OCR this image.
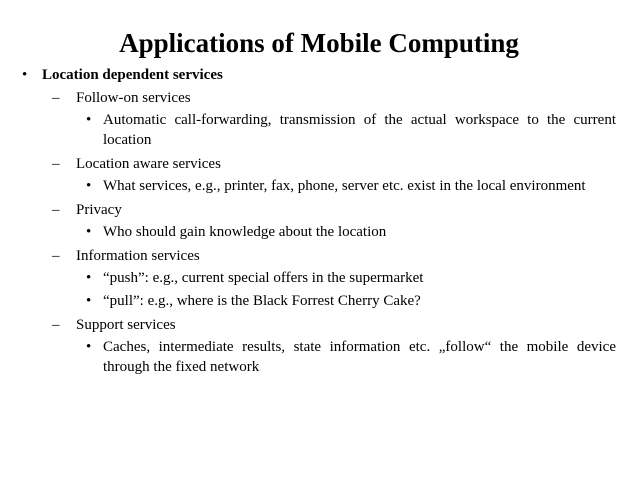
Applications of Mobile Computing
• Location dependent services
– Follow-on services
• Automatic call-forwarding, transmission of the actual workspace to the current location
– Location aware services
• What services, e.g., printer, fax, phone, server etc. exist in the local environment
– Privacy
• Who should gain knowledge about the location
– Information services
• “push”: e.g., current special offers in the supermarket
• “pull”: e.g., where is the Black Forrest Cherry Cake?
– Support services
• Caches, intermediate results, state information etc. „follow“ the mobile device through the fixed network
